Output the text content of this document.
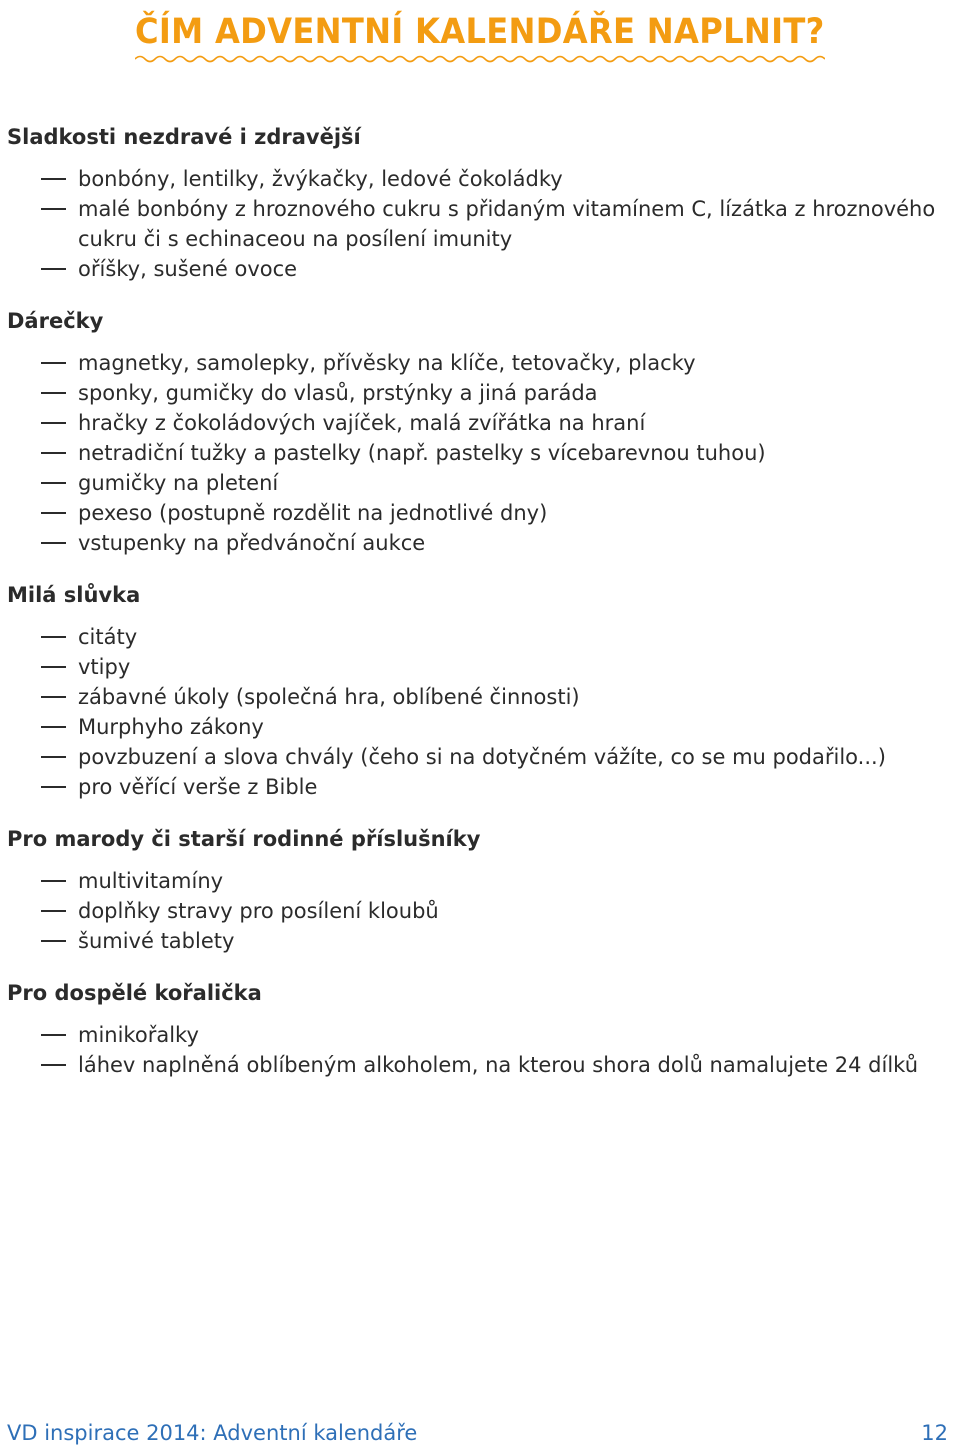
ČÍM ADVENTNÍ KALENDÁŘE NAPLNIT?
Sladkosti nezdravé i zdravější
bonbóny, lentilky, žvýkačky, ledové čokoládky
malé bonbóny z hroznového cukru s přidaným vitamínem C, lízátka z hroznového cukru či s echinaceou na posílení imunity
oříšky, sušené ovoce
Dárečky
magnetky, samolepky, přívěsky na klíče, tetovačky, placky
sponky, gumičky do vlasů, prstýnky a jiná paráda
hračky z čokoládových vajíček, malá zvířátka na hraní
netradiční tužky a pastelky (např. pastelky s vícebarevnou tuhou)
gumičky na pletení
pexeso (postupně rozdělit na jednotlivé dny)
vstupenky na předvánoční aukce
Milá slůvka
citáty
vtipy
zábavné úkoly (společná hra, oblíbené činnosti)
Murphyho zákony
povzbuzení a slova chvály (čeho si na dotyčném vážíte, co se mu podařilo...)
pro věřící verše z Bible
Pro marody či starší rodinné příslušníky
multivitamíny
doplňky stravy pro posílení kloubů
šumivé tablety
Pro dospělé kořalička
minikořalky
láhev naplněná oblíbeným alkoholem, na kterou shora dolů namalujete 24 dílků
VD inspirace 2014: Adventní kalendáře	12
